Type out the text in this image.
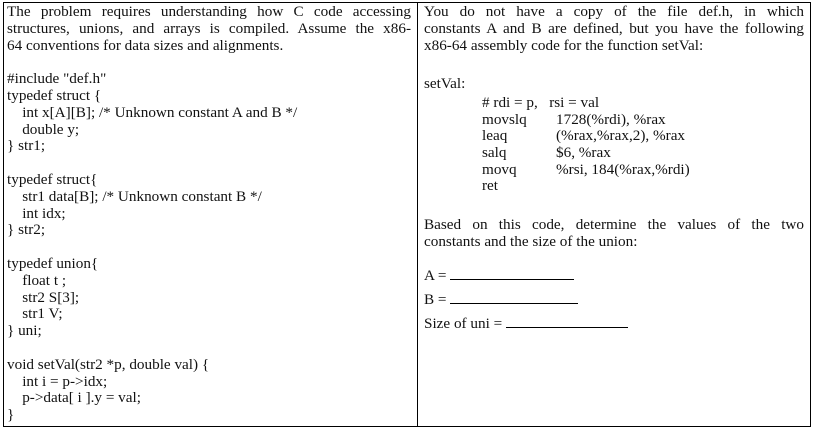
The problem requires understanding how C code accessing
structures, unions, and arrays is compiled. Assume the x86-
64 conventions for data sizes and alignments.
#include "def.h"
typedef struct {
int x[A][B]; /* Unknown constant A and B */
double y;
} str1;
typedef struct{
str1 data[B]; /* Unknown constant B */
int idx;
} str2;
typedef union{
float t ;
str2 S[3];
str1 V;
} uni;
void setVal(str2 *p, double val) {
int i = p->idx;
p->data[ i ].y = val;
}
You do not have a copy of the file def.h, in which
constants A and B are defined, but you have the following
x86-64 assembly code for the function setVal:
setVal:
# rdi = p,   rsi = val
movslq 1728(%rdi), %rax
leaq	(%rax,%rax,2), %rax
salq	$6, %rax
movq	%rsi, 184(%rax,%rdi)
ret
Based on this code, determine the values of the two
constants and the size of the union:
A =
B =
Size of uni =
